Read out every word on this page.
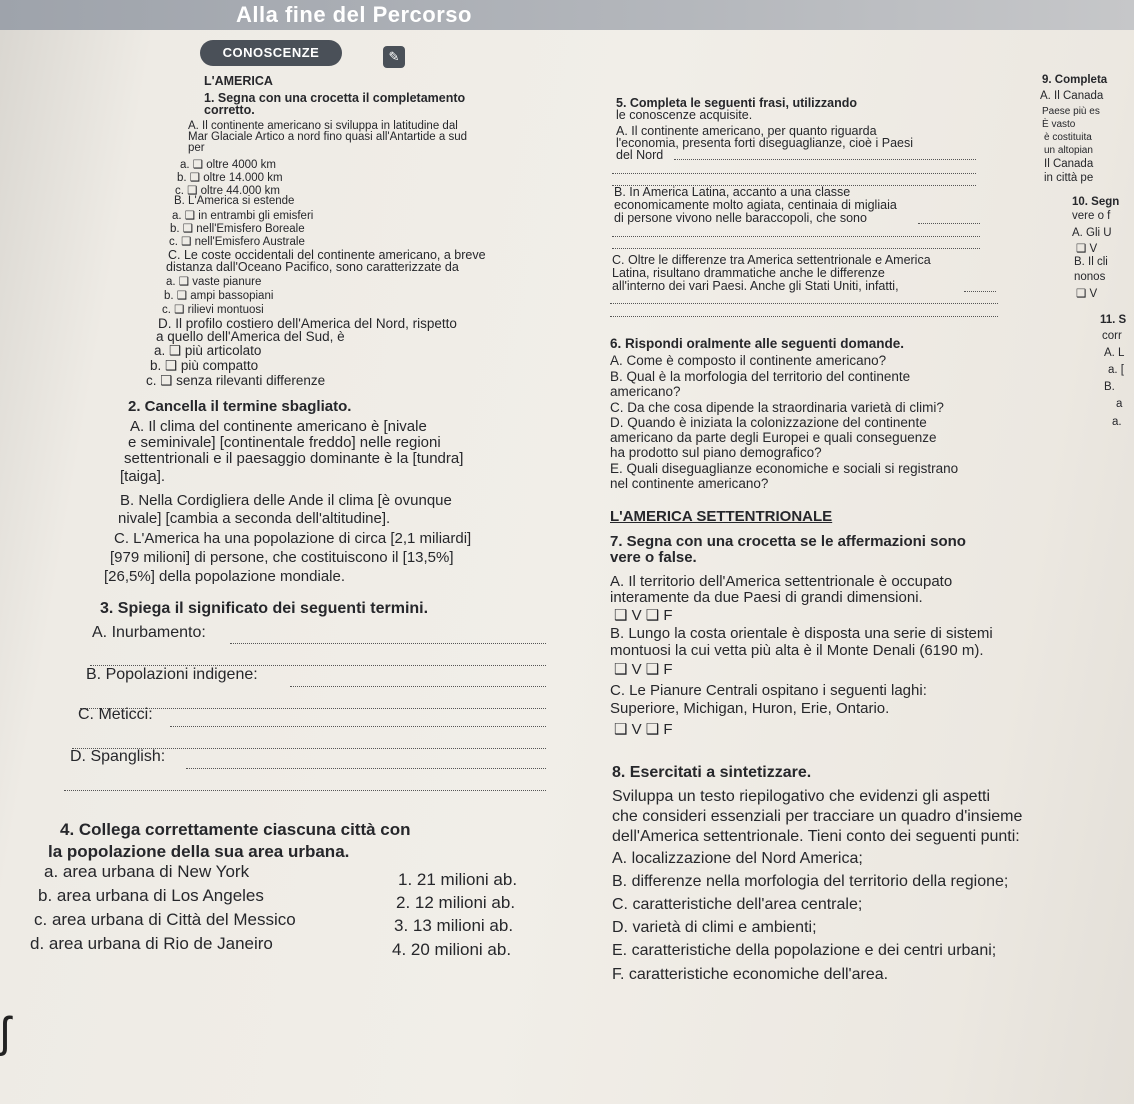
Alla fine del Percorso
CONOSCENZE	✎
L'AMERICA
1. Segna con una crocetta il completamento
corretto.
A. Il continente americano si sviluppa in latitudine dal
Mar Glaciale Artico a nord fino quasi all'Antartide a sud
per
a. ❑ oltre 4000 km
b. ❑ oltre 14.000 km
c. ❑ oltre 44.000 km
B. L'America si estende
a. ❑ in entrambi gli emisferi
b. ❑ nell'Emisfero Boreale
c. ❑ nell'Emisfero Australe
C. Le coste occidentali del continente americano, a breve
distanza dall'Oceano Pacifico, sono caratterizzate da
a. ❑ vaste pianure
b. ❑ ampi bassopiani
c. ❑ rilievi montuosi
D. Il profilo costiero dell'America del Nord, rispetto
a quello dell'America del Sud, è
a. ❑ più articolato
b. ❑ più compatto
c. ❑ senza rilevanti differenze
2. Cancella il termine sbagliato.
A. Il clima del continente americano è [nivale
e seminivale] [continentale freddo] nelle regioni
settentrionali e il paesaggio dominante è la [tundra]
[taiga].
B. Nella Cordigliera delle Ande il clima [è ovunque
nivale] [cambia a seconda dell'altitudine].
C. L'America ha una popolazione di circa [2,1 miliardi]
[979 milioni] di persone, che costituiscono il [13,5%]
[26,5%] della popolazione mondiale.
3. Spiega il significato dei seguenti termini.
A. Inurbamento:
B. Popolazioni indigene:
C. Meticci:
D. Spanglish:
4. Collega correttamente ciascuna città con
la popolazione della sua area urbana.
a. area urbana di New York
b. area urbana di Los Angeles
c. area urbana di Città del Messico
d. area urbana di Rio de Janeiro
1. 21 milioni ab.
2. 12 milioni ab.
3. 13 milioni ab.
4. 20 milioni ab.
5. Completa le seguenti frasi, utilizzando
le conoscenze acquisite.
A. Il continente americano, per quanto riguarda
l'economia, presenta forti diseguaglianze, cioè i Paesi
del Nord
B. In America Latina, accanto a una classe
economicamente molto agiata, centinaia di migliaia
di persone vivono nelle baraccopoli, che sono
C. Oltre le differenze tra America settentrionale e America
Latina, risultano drammatiche anche le differenze
all'interno dei vari Paesi. Anche gli Stati Uniti, infatti,
6. Rispondi oralmente alle seguenti domande.
A. Come è composto il continente americano?
B. Qual è la morfologia del territorio del continente
americano?
C. Da che cosa dipende la straordinaria varietà di climi?
D. Quando è iniziata la colonizzazione del continente
americano da parte degli Europei e quali conseguenze
ha prodotto sul piano demografico?
E. Quali diseguaglianze economiche e sociali si registrano
nel continente americano?
L'AMERICA SETTENTRIONALE
7. Segna con una crocetta se le affermazioni sono
vere o false.
A. Il territorio dell'America settentrionale è occupato
interamente da due Paesi di grandi dimensioni.
❑ V ❑ F
B. Lungo la costa orientale è disposta una serie di sistemi
montuosi la cui vetta più alta è il Monte Denali (6190 m).
❑ V ❑ F
C. Le Pianure Centrali ospitano i seguenti laghi:
Superiore, Michigan, Huron, Erie, Ontario.
❑ V ❑ F
8. Esercitati a sintetizzare.
Sviluppa un testo riepilogativo che evidenzi gli aspetti
che consideri essenziali per tracciare un quadro d'insieme
dell'America settentrionale. Tieni conto dei seguenti punti:
A. localizzazione del Nord America;
B. differenze nella morfologia del territorio della regione;
C. caratteristiche dell'area centrale;
D. varietà di climi e ambienti;
E. caratteristiche della popolazione e dei centri urbani;
F. caratteristiche economiche dell'area.
9. Completa
A. Il Canada
Paese più es
È vasto
è costituita
un altopian
Il Canada
in città pe
10. Segn
vere o f
A. Gli U
❑ V
B. Il cli
nonos
❑ V
11. S
corr
A. L
a. [
B.
a
a.
ʃ
